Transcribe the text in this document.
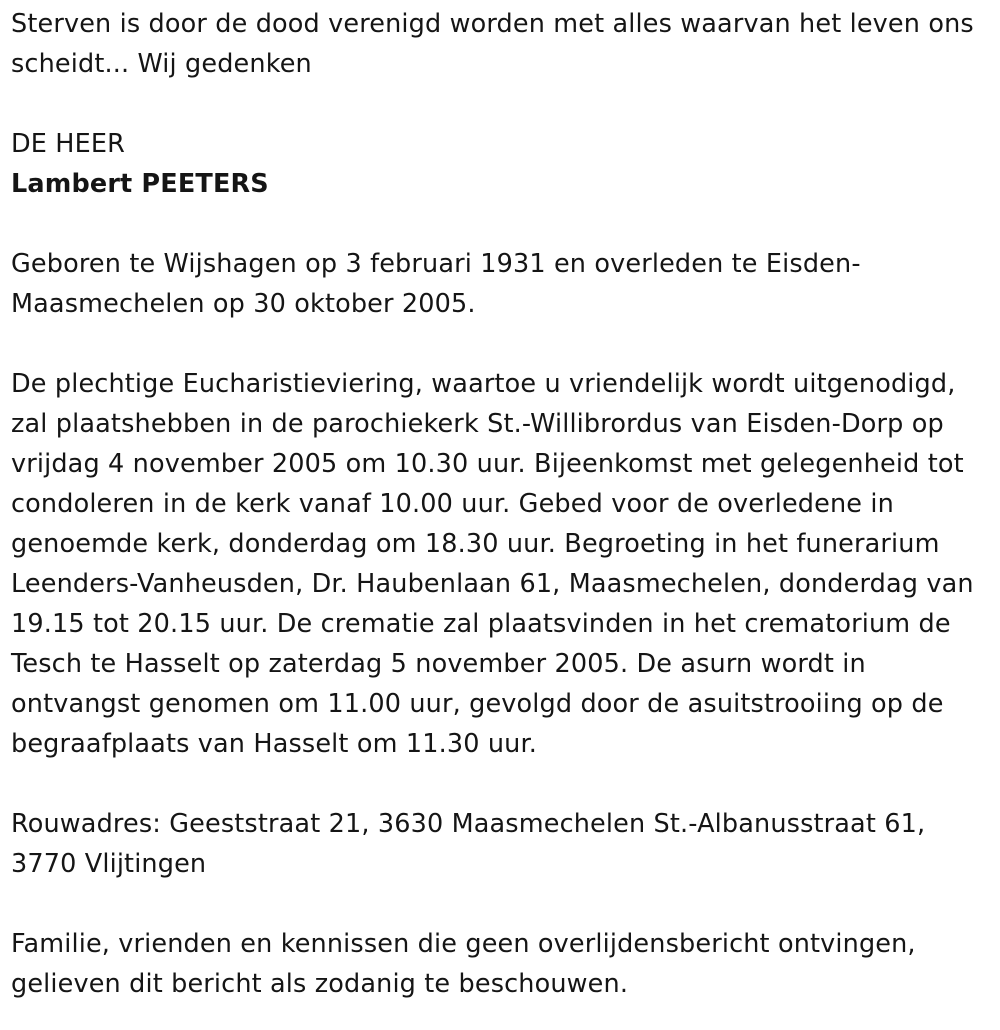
Sterven is door de dood verenigd worden met alles waarvan het leven ons scheidt... Wij gedenken

DE HEER

Lambert PEETERS

Geboren te Wijshagen op 3 februari 1931 en overleden te Eisden-Maasmechelen op 30 oktober 2005.

De plechtige Eucharistieviering, waartoe u vriendelijk wordt uitgenodigd, zal plaatshebben in de parochiekerk St.-Willibrordus van Eisden-Dorp op vrijdag 4 november 2005 om 10.30 uur. Bijeenkomst met gelegenheid tot condoleren in de kerk vanaf 10.00 uur. Gebed voor de overledene in genoemde kerk, donderdag om 18.30 uur. Begroeting in het funerarium Leenders-Vanheusden, Dr. Haubenlaan 61, Maasmechelen, donderdag van 19.15 tot 20.15 uur. De crematie zal plaatsvinden in het crematorium de Tesch te Hasselt op zaterdag 5 november 2005. De asurn wordt in ontvangst genomen om 11.00 uur, gevolgd door de asuitstrooiing op de begraafplaats van Hasselt om 11.30 uur.

Rouwadres: Geeststraat 21, 3630 Maasmechelen St.-Albanusstraat 61, 3770 Vlijtingen

Familie, vrienden en kennissen die geen overlijdensbericht ontvingen, gelieven dit bericht als zodanig te beschouwen.
